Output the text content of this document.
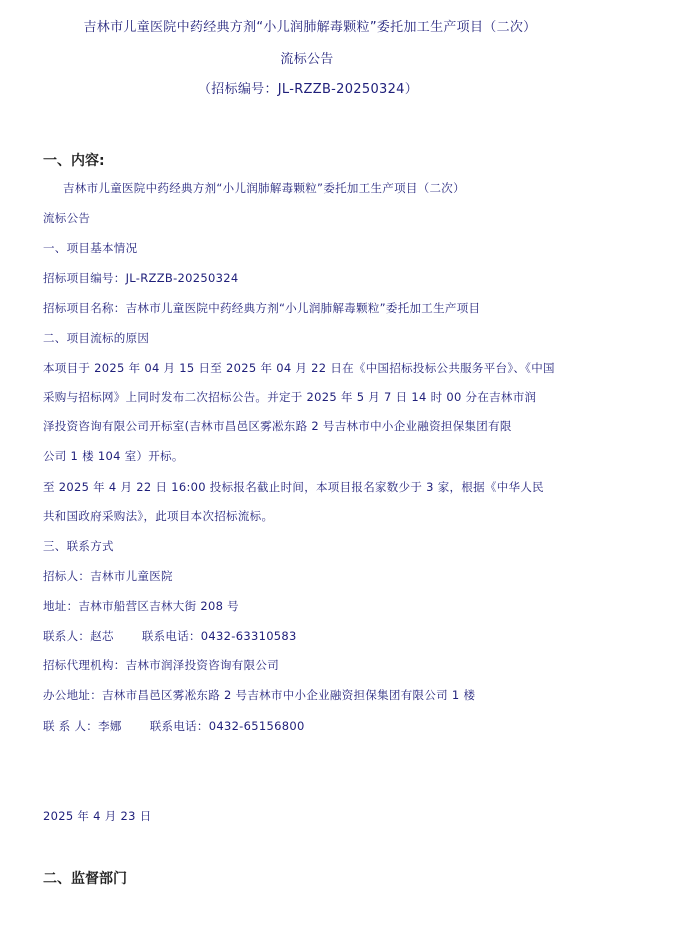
吉林市儿童医院中药经典方剂“小儿润肺解毒颗粒”委托加工生产项目（二次）
流标公告
（招标编号：JL-RZZB-20250324）
一、内容:
吉林市儿童医院中药经典方剂“小儿润肺解毒颗粒”委托加工生产项目（二次）
流标公告
一、项目基本情况
招标项目编号：JL-RZZB-20250324
招标项目名称：吉林市儿童医院中药经典方剂“小儿润肺解毒颗粒”委托加工生产项目
二、项目流标的原因
本项目于 2025 年 04 月 15 日至 2025 年 04 月 22 日在《中国招标投标公共服务平台》、《中国
采购与招标网》上同时发布二次招标公告。并定于 2025 年 5 月 7 日 14 时 00 分在吉林市润
泽投资咨询有限公司开标室(吉林市昌邑区雾凇东路 2 号吉林市中小企业融资担保集团有限
公司 1 楼 104 室）开标。
至 2025 年 4 月 22 日 16:00 投标报名截止时间，本项目报名家数少于 3 家，根据《中华人民
共和国政府采购法》，此项目本次招标流标。
三、联系方式
招标人：吉林市儿童医院
地址：吉林市船营区吉林大街 208 号
联系人：赵芯 联系电话：0432-63310583
招标代理机构：吉林市润泽投资咨询有限公司
办公地址：吉林市昌邑区雾凇东路 2 号吉林市中小企业融资担保集团有限公司 1 楼
联 系 人：李娜 联系电话：0432-65156800
2025 年 4 月 23 日
二、监督部门
